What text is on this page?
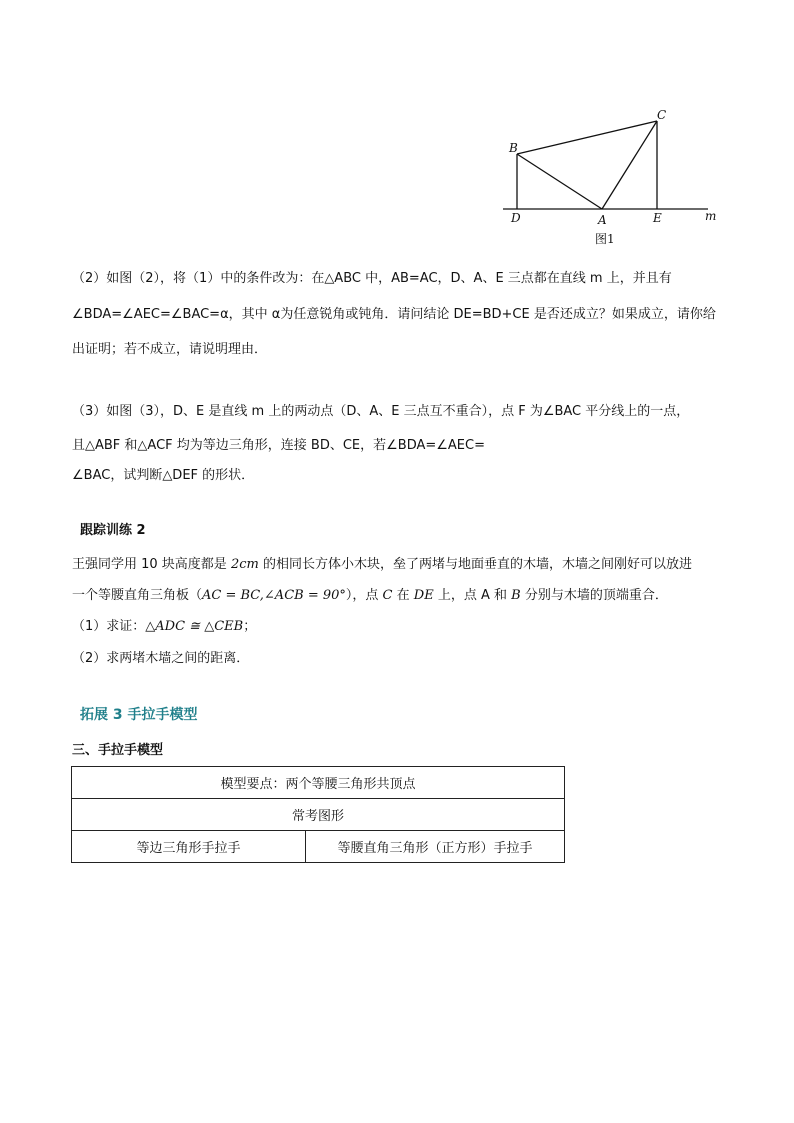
B
C
D	A	E	m
图1
（2）如图（2），将（1）中的条件改为：在△ABC 中，AB=AC，D、A、E 三点都在直线 m 上，并且有
∠BDA=∠AEC=∠BAC=α，其中 α为任意锐角或钝角．请问结论 DE=BD+CE 是否还成立？如果成立，请你给
出证明；若不成立，请说明理由．
（3）如图（3），D、E 是直线 m 上的两动点（D、A、E 三点互不重合），点 F 为∠BAC 平分线上的一点，
且△ABF 和△ACF 均为等边三角形，连接 BD、CE，若∠BDA=∠AEC=
∠BAC，试判断△DEF 的形状．
跟踪训练 2
王强同学用 10 块高度都是 2cm 的相同长方体小木块，垒了两堵与地面垂直的木墙，木墙之间刚好可以放进
一个等腰直角三角板（AC = BC,∠ACB = 90°），点 C 在 DE 上，点 A 和 B 分别与木墙的顶端重合．
（1）求证：△ADC ≅ △CEB；
（2）求两堵木墙之间的距离．
拓展 3 手拉手模型
三、手拉手模型
模型要点：两个等腰三角形共顶点
常考图形
等边三角形手拉手	等腰直角三角形（正方形）手拉手
